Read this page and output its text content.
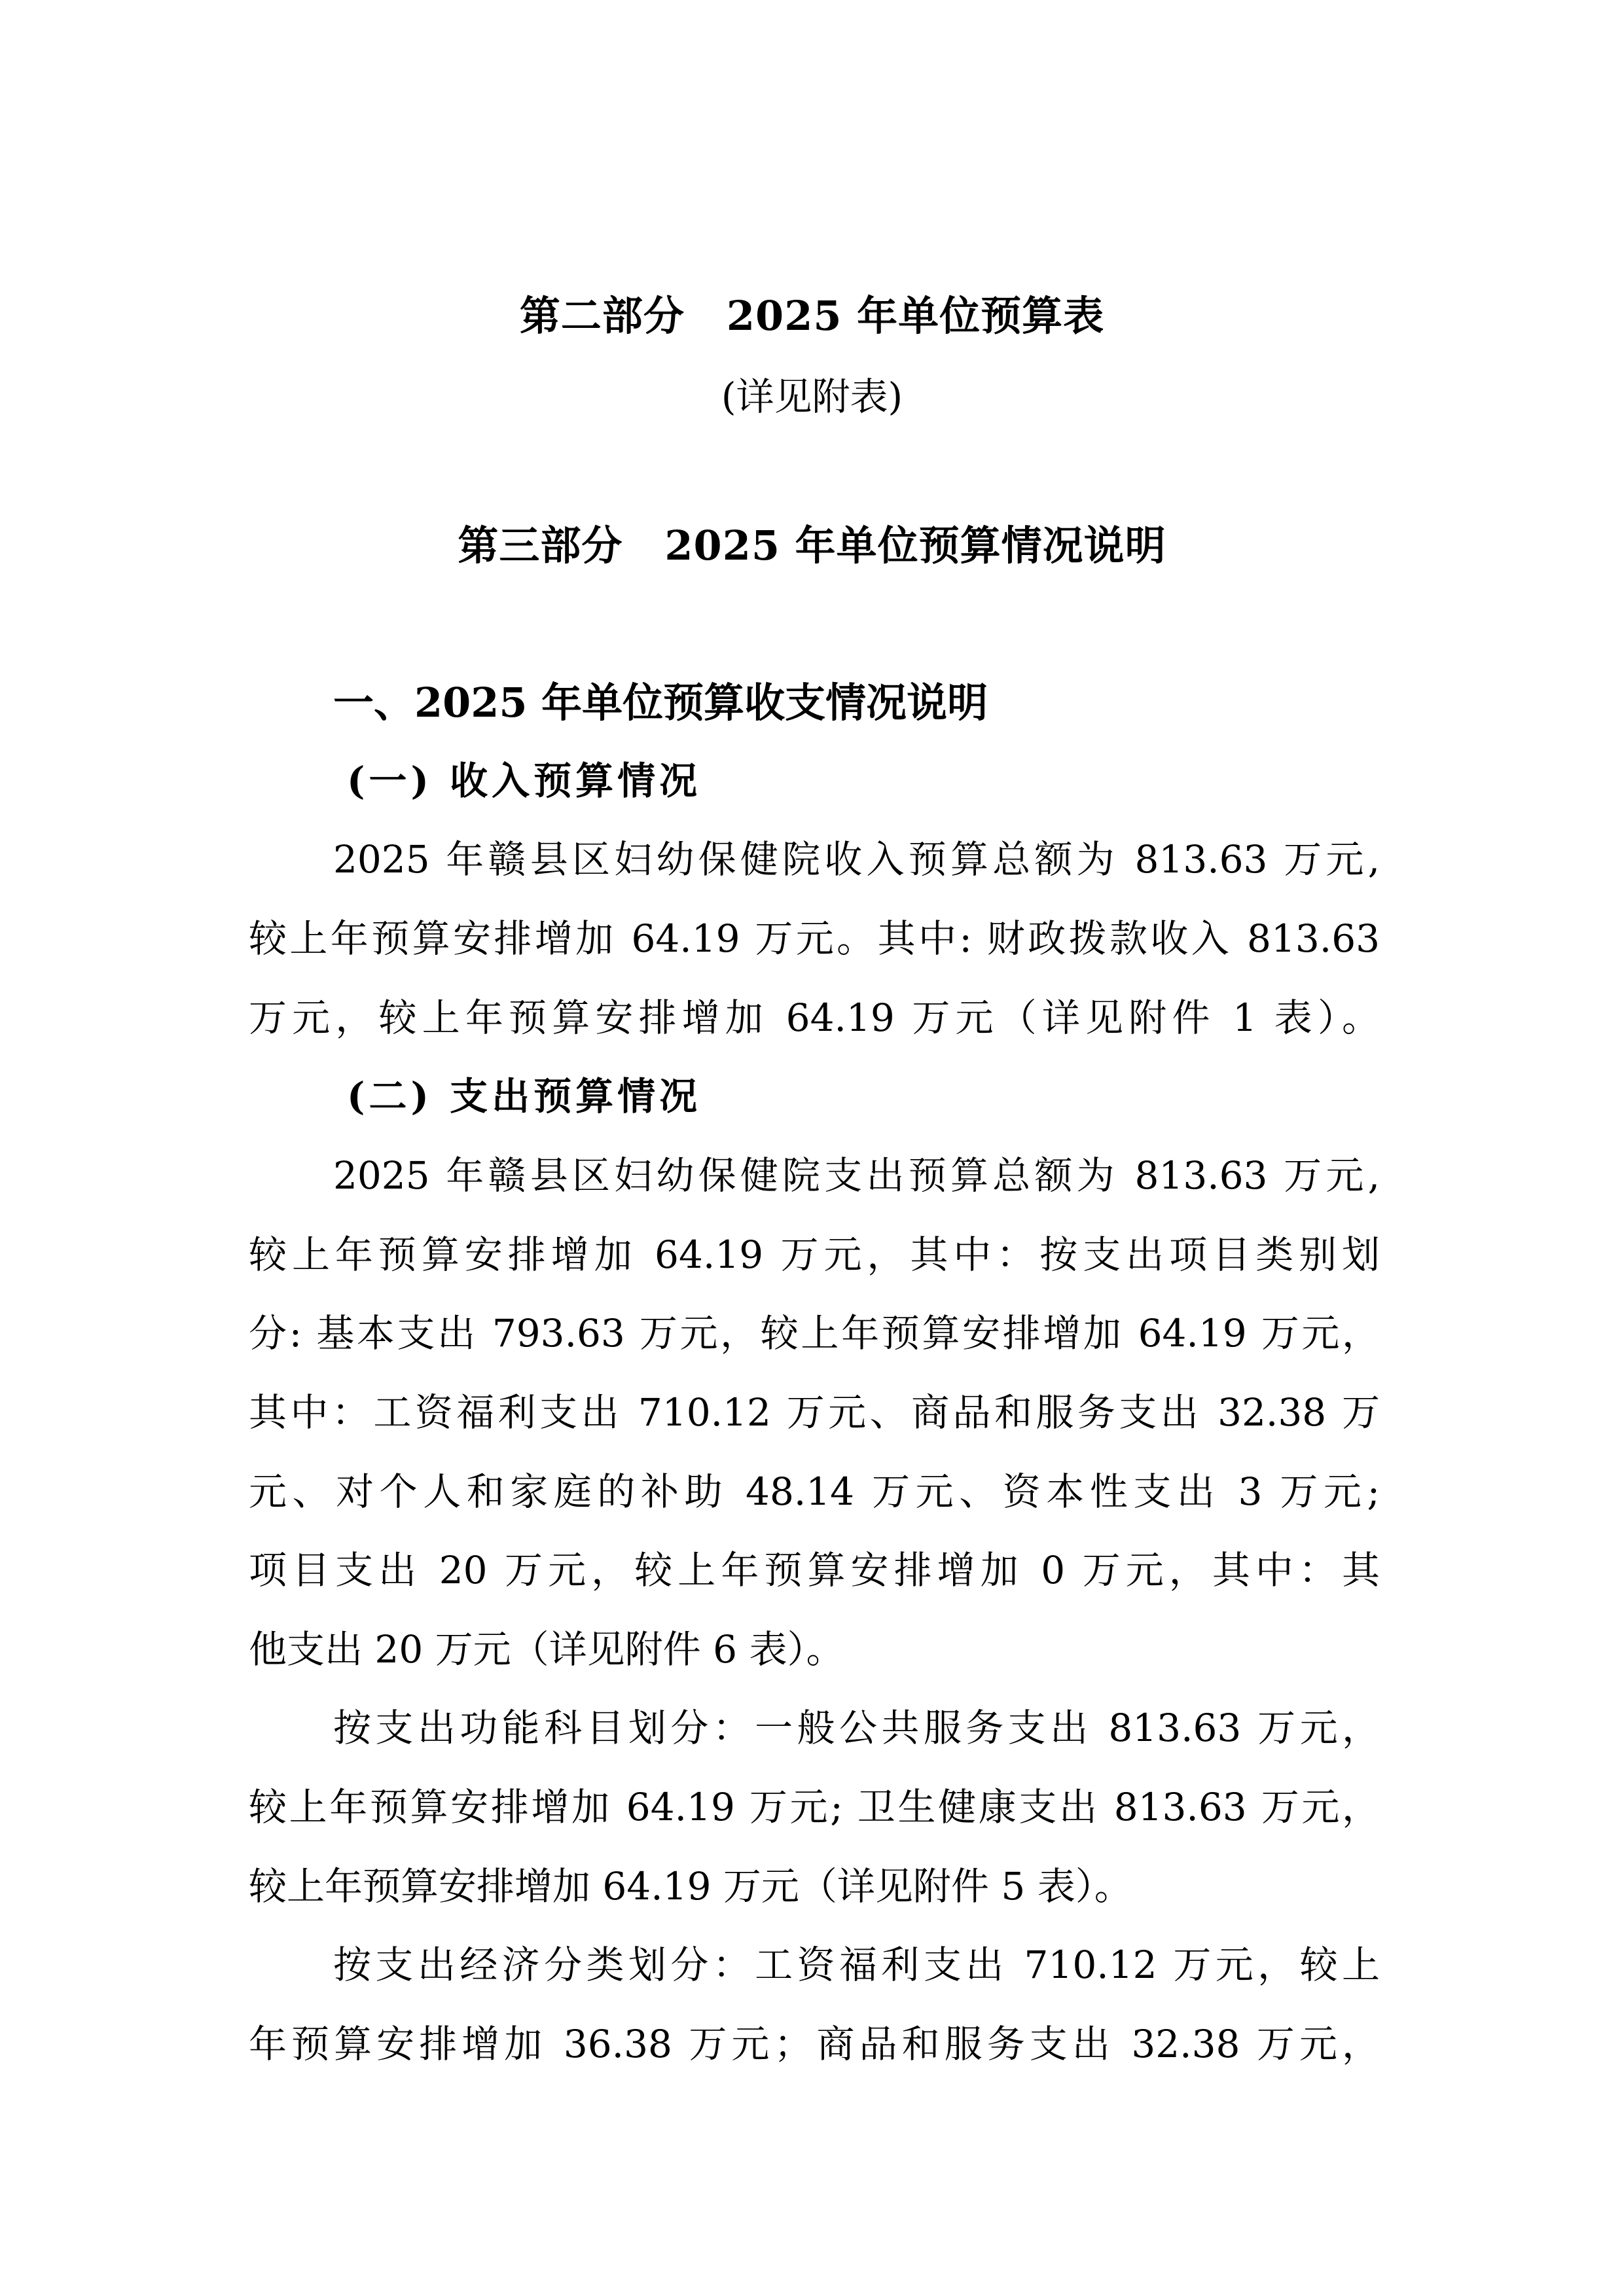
第二部分 2025 年单位预算表
(详见附表)
第三部分 2025 年单位预算情况说明
一、2025 年单位预算收支情况说明
(一) 收入预算情况
2025 年赣县区妇幼保健院收入预算总额为 813.63 万元,
较上年预算安排增加 64.19 万元。其中: 财政拨款收入 813.63
万元，较上年预算安排增加 64.19 万元（详见附件 1 表）。
(二) 支出预算情况
2025 年赣县区妇幼保健院支出预算总额为 813.63 万元,
较上年预算安排增加 64.19 万元，其中：按支出项目类别划
分: 基本支出 793.63 万元，较上年预算安排增加 64.19 万元，
其中：工资福利支出 710.12 万元、商品和服务支出 32.38 万
元、对个人和家庭的补助 48.14 万元、资本性支出 3 万元;
项目支出 20 万元，较上年预算安排增加 0 万元，其中：其
他支出 20 万元（详见附件 6 表）。
按支出功能科目划分：一般公共服务支出 813.63 万元，
较上年预算安排增加 64.19 万元; 卫生健康支出 813.63 万元，
较上年预算安排增加 64.19 万元（详见附件 5 表）。
按支出经济分类划分：工资福利支出 710.12 万元，较上
年预算安排增加 36.38 万元；商品和服务支出 32.38 万元，
